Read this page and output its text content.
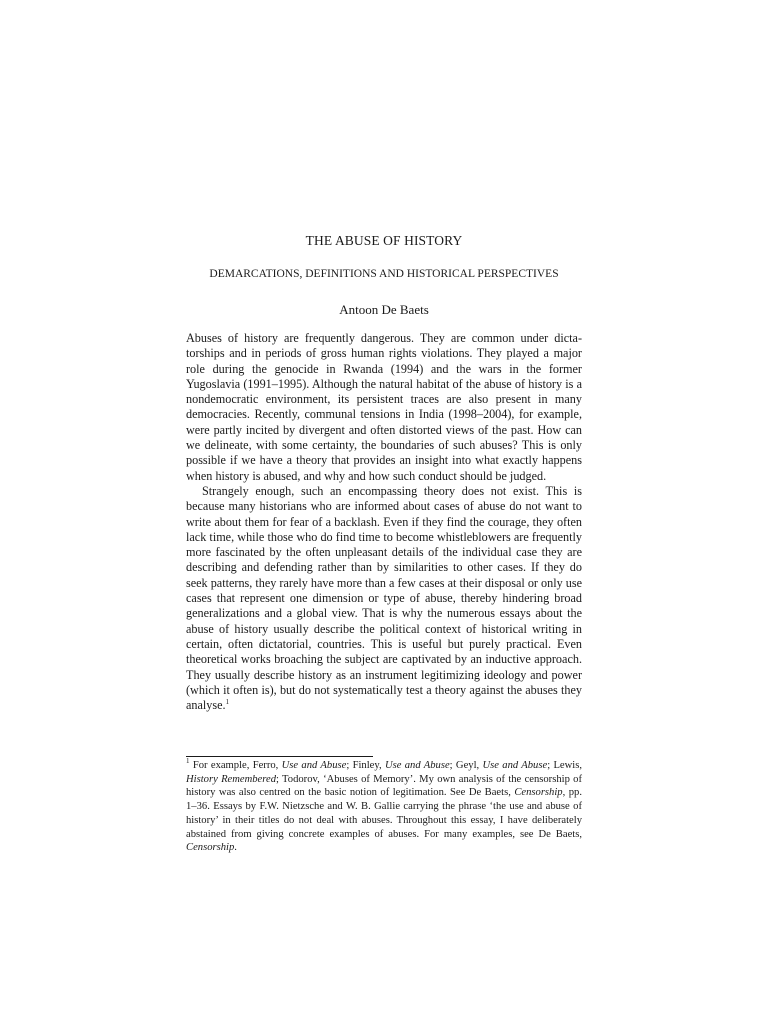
THE ABUSE OF HISTORY
DEMARCATIONS, DEFINITIONS AND HISTORICAL PERSPECTIVES
Antoon De Baets

Abuses of history are frequently dangerous. They are common under dictatorships and in periods of gross human rights violations. They played a major role during the genocide in Rwanda (1994) and the wars in the former Yugoslavia (1991–1995). Although the natural habitat of the abuse of history is a nondemocratic environment, its persistent traces are also present in many democracies. Recently, communal tensions in India (1998–2004), for example, were partly incited by divergent and often distorted views of the past. How can we delineate, with some certainty, the boundaries of such abuses? This is only possible if we have a theory that provides an insight into what exactly happens when history is abused, and why and how such conduct should be judged.

Strangely enough, such an encompassing theory does not exist. This is because many historians who are informed about cases of abuse do not want to write about them for fear of a backlash. Even if they find the courage, they often lack time, while those who do find time to become whistleblowers are frequently more fascinated by the often unpleasant details of the individual case they are describing and defending rather than by similarities to other cases. If they do seek patterns, they rarely have more than a few cases at their disposal or only use cases that represent one dimension or type of abuse, thereby hindering broad generalizations and a global view. That is why the numerous essays about the abuse of history usually describe the political context of historical writing in certain, often dictatorial, countries. This is useful but purely practical. Even theoretical works broaching the subject are captivated by an inductive approach. They usually describe history as an instrument legitimizing ideology and power (which it often is), but do not systematically test a theory against the abuses they analyse.$^1$

$^1$ For example, Ferro, Use and Abuse; Finley, Use and Abuse; Geyl, Use and Abuse; Lewis, History Remembered; Todorov, ‘Abuses of Memory’. My own analysis of the censorship of history was also centred on the basic notion of legitimation. See De Baets, Censorship, pp. 1–36. Essays by F.W. Nietzsche and W. B. Gallie carrying the phrase ‘the use and abuse of history’ in their titles do not deal with abuses. Throughout this essay, I have deliberately abstained from giving concrete examples of abuses. For many examples, see De Baets, Censorship.
